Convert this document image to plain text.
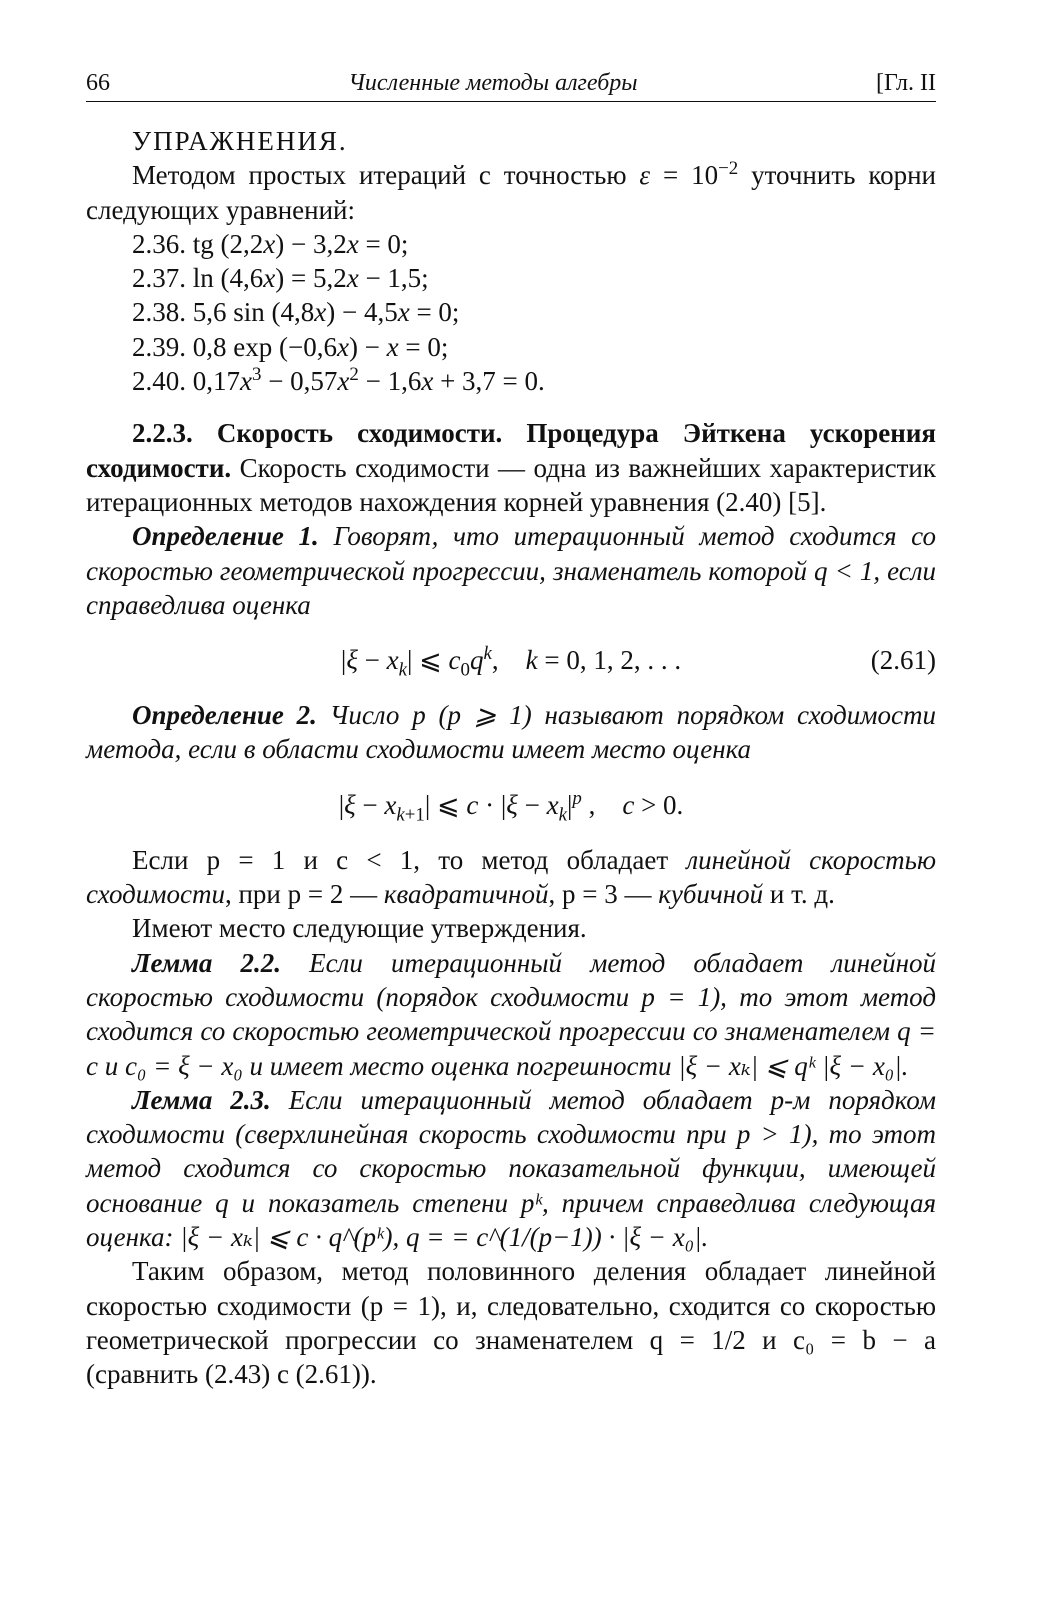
66	Численные методы алгебры	[Гл. II
УПРАЖНЕНИЯ.

Методом простых итераций с точностью $\varepsilon = 10^{-2}$ уточнить корни следующих уравнений:

2.36. tg (2,2x) − 3,2x = 0;
2.37. ln (4,6x) = 5,2x − 1,5;
2.38. 5,6 sin (4,8x) − 4,5x = 0;
2.39. 0,8 exp (−0,6x) − x = 0;
2.40. $0,17x^3 - 0,57x^2 - 1,6x + 3,7 = 0$.

2.2.3. Скорость сходимости. Процедура Эйткена ускорения сходимости. Скорость сходимости — одна из важнейших характеристик итерационных методов нахождения корней уравнения (2.40) [5].

Определение 1. Говорят, что итерационный метод сходится со скоростью геометрической прогрессии, знаменатель которой q < 1, если справедлива оценка

$|\xi - x_k|$ ⩽ $c_0q^k$,    k = 0, 1, 2, . . .	(2.61)

Определение 2. Число p (p ⩾ 1) называют порядком сходимости метода, если в области сходимости имеет место оценка

$|\xi - x_{k+1}|$ ⩽ $c \cdot |\xi - x_k|^p$ ,    c > 0.

Если p = 1 и c < 1, то метод обладает линейной скоростью сходимости, при p = 2 — квадратичной, p = 3 — кубичной и т. д.

Имеют место следующие утверждения.

Лемма 2.2. Если итерационный метод обладает линейной скоростью сходимости (порядок сходимости p = 1), то этот метод сходится со скоростью геометрической прогрессии со знаменателем q = c и c₀ = ξ − x₀ и имеет место оценка погрешности |ξ − xₖ| ⩽ qᵏ |ξ − x₀|.

Лемма 2.3. Если итерационный метод обладает p-м порядком сходимости (сверхлинейная скорость сходимости при p > 1), то этот метод сходится со скоростью показательной функции, имеющей основание q и показатель степени pᵏ, причем справедлива следующая оценка: |ξ − xₖ| ⩽ c · q^(pᵏ), q = = c^(1/(p−1)) · |ξ − x₀|.

Таким образом, метод половинного деления обладает линейной скоростью сходимости (p = 1), и, следовательно, сходится со скоростью геометрической прогрессии со знаменателем q = 1/2 и c₀ = b − a (сравнить (2.43) с (2.61)).
